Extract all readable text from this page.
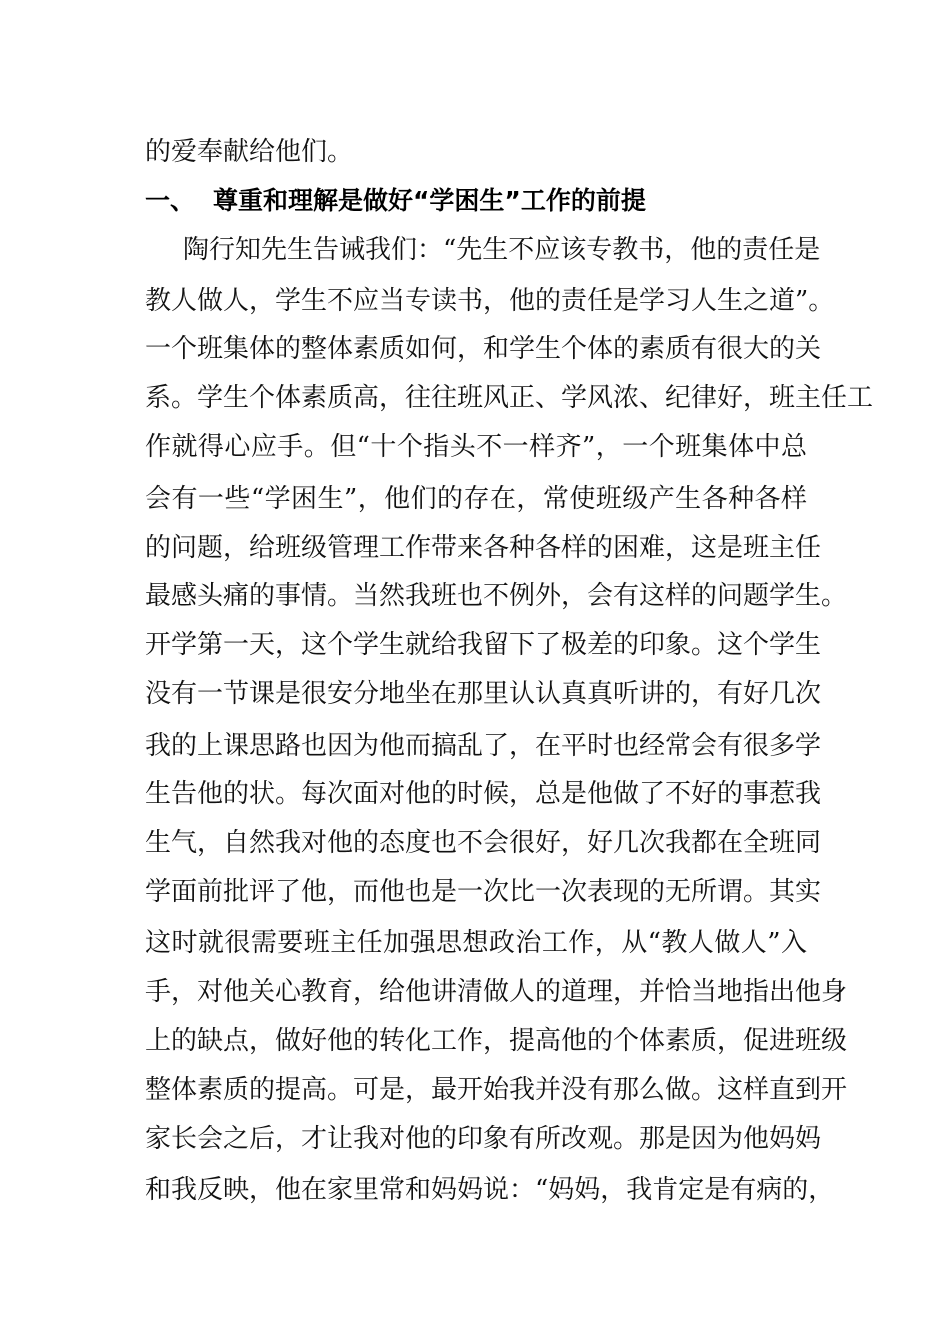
的爱奉献给他们。
一、 尊重和理解是做好“学困生”工作的前提
陶行知先生告诫我们：“先生不应该专教书，他的责任是
教人做人，学生不应当专读书，他的责任是学习人生之道”。
一个班集体的整体素质如何，和学生个体的素质有很大的关
系。学生个体素质高，往往班风正、学风浓、纪律好，班主任工
作就得心应手。但“十个指头不一样齐”，一个班集体中总
会有一些“学困生”，他们的存在，常使班级产生各种各样
的问题，给班级管理工作带来各种各样的困难，这是班主任
最感头痛的事情。当然我班也不例外，会有这样的问题学生。
开学第一天，这个学生就给我留下了极差的印象。这个学生
没有一节课是很安分地坐在那里认认真真听讲的，有好几次
我的上课思路也因为他而搞乱了，在平时也经常会有很多学
生告他的状。每次面对他的时候，总是他做了不好的事惹我
生气，自然我对他的态度也不会很好，好几次我都在全班同
学面前批评了他，而他也是一次比一次表现的无所谓。其实
这时就很需要班主任加强思想政治工作，从“教人做人”入
手，对他关心教育，给他讲清做人的道理，并恰当地指出他身
上的缺点，做好他的转化工作，提高他的个体素质，促进班级
整体素质的提高。可是，最开始我并没有那么做。这样直到开
家长会之后，才让我对他的印象有所改观。那是因为他妈妈
和我反映，他在家里常和妈妈说：“妈妈，我肯定是有病的，
